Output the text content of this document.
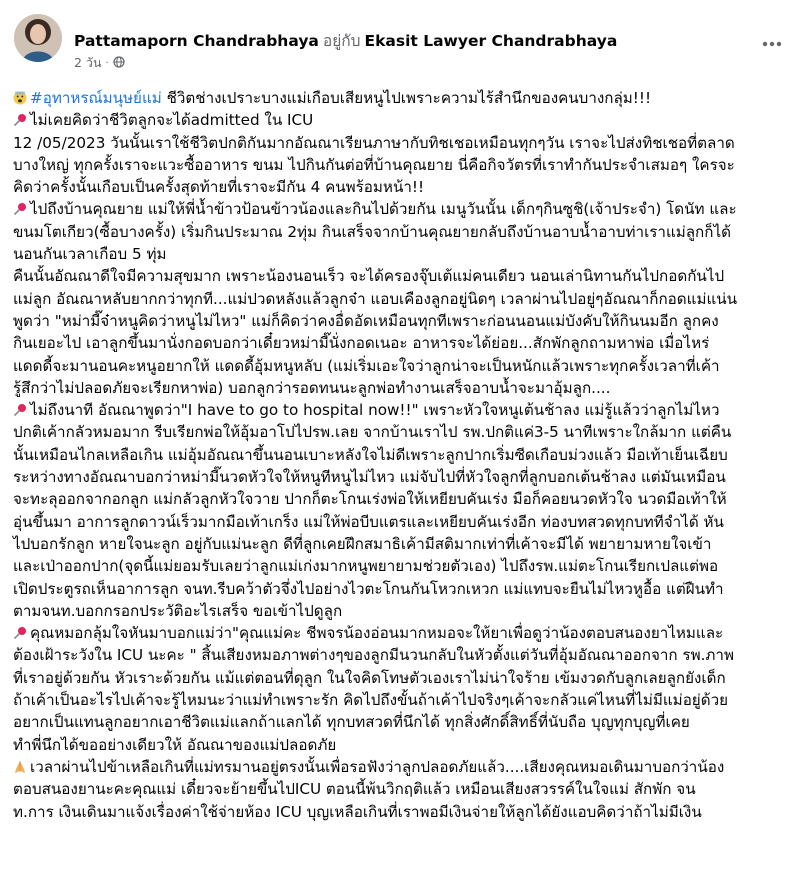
Pattamaporn Chandrabhaya อยู่กับ Ekasit Lawyer Chandrabhaya
2 วัน ·

#อุทาหรณ์มนุษย์แม่ ชีวิตช่างเปราะบางแม่เกือบเสียหนูไปเพราะความไร้สำนึกของคนบางกลุ่ม!!!

ไม่เคยคิดว่าชีวิตลูกจะได้admitted ใน ICU

12 /05/2023 วันนั้นเราใช้ชีวิตปกติกันมากอัณณาเรียนภาษากับทิชเชอเหมือนทุกๆวัน เราจะไปส่งทิชเชอที่ตลาด

บางใหญ่ ทุกครั้งเราจะแวะซื้ออาหาร ขนม ไปกินกันต่อที่บ้านคุณยาย นี่คือกิจวัตรที่เราทำกันประจำเสมอๆ ใครจะ

คิดว่าครั้งนั้นเกือบเป็นครั้งสุดท้ายที่เราจะมีกัน 4 คนพร้อมหน้า!!

ไปถึงบ้านคุณยาย แม่ให้พี่น้ำข้าวป้อนข้าวน้องและกินไปด้วยกัน เมนูวันนั้น เด็กๆกินซูชิ(เจ้าประจำ) โดนัท และ

ขนมโตเกียว(ซื้อบางครั้ง) เริ่มกินประมาณ 2ทุ่ม กินเสร็จจากบ้านคุณยายกลับถึงบ้านอาบน้ำอาบท่าเราแม่ลูกก็ได้

นอนกันเวลาเกือบ 5 ทุ่ม

คืนนั้นอัณณาดีใจมีความสุขมาก เพราะน้องนอนเร็ว จะได้ครองจุ๊บเต้แม่คนเดียว นอนเล่านิทานกันไปกอดกันไป

แม่ลูก อัณณาหลับยากกว่าทุกที...แม่ปวดหลังแล้วลูกจ๋า แอบเคืองลูกอยู่นิดๆ เวลาผ่านไปอยู่ๆอัณณาก็กอดแม่แน่น

พูดว่า "หม่ามี๊จ๋าหนูคิดว่าหนูไม่ไหว" แม่ก็คิดว่าคงอื่ดอัดเหมือนทุกทีเพราะก่อนนอนแม่บังคับให้กินนมอีก ลูกคง

กินเยอะไป เอาลูกขึ้นมานั่งกอดบอกว่าเดี๋ยวหม่ามี๊นั่งกอดเนอะ อาหารจะได้ย่อย...สักพักลูกถามหาพ่อ เมื่อไหร่

แดดดี้จะมานอนคะหนูอยากให้ แดดดี้อุ้มหนูหลับ (แม่เริ่มเอะใจว่าลูกน่าจะเป็นหนักแล้วเพราะทุกครั้งเวลาที่เค้า

รู้สึกว่าไม่ปลอดภัยจะเรียกหาพ่อ) บอกลูกว่ารอดทนนะลูกพ่อทำงานเสร็จอาบน้ำจะมาอุ้มลูก....

ไม่ถึงนาที อัณณาพูดว่า"I have to go to hospital now!!" เพราะหัวใจหนูเต้นช้าลง แม่รู้แล้วว่าลูกไม่ไหว

ปกติเค้ากลัวหมอมาก รีบเรียกพ่อให้อุ้มอาโปไปรพ.เลย จากบ้านเราไป รพ.ปกติแค่3-5 นาทีเพราะใกล้มาก แต่คืน

นั้นเหมือนไกลเหลือเกิน แม่อุ้มอัณณาขึ้นนอนเบาะหลังใจไม่ดีเพราะลูกปากเริ่มซีดเกือบม่วงแล้ว มือเท้าเย็นเฉียบ

ระหว่างทางอัณณาบอกว่าหม่ามี๊นวดหัวใจให้หนูทีหนูไม่ไหว แม่จับไปที่หัวใจลูกที่ลูกบอกเต้นช้าลง แต่มันเหมือน

จะทะลุออกจากอกลูก แม่กลัวลูกหัวใจวาย ปากก็ตะโกนเร่งพ่อให้เหยียบคันเร่ง มือก็คอยนวดหัวใจ นวดมือเท้าให้

อุ่นขึ้นมา อาการลูกดาวน์เร็วมากมือเท้าเกร็ง แม่ให้พ่อบีบแตรและเหยียบคันเร่งอีก ท่องบทสวดทุกบททีจำได้ หัน

ไปบอกรักลูก หายใจนะลูก อยู่กับแม่นะลูก ดีที่ลูกเคยฝึกสมาธิเค้ามีสติมากเท่าที่เค้าจะมีได้ พยายามหายใจเข้า

และเป่าออกปาก(จุดนี้แม่ยอมรับเลยว่าลูกแม่เก่งมากหนูพยายามช่วยตัวเอง) ไปถึงรพ.แม่ตะโกนเรียกเปลแต่พอ

เปิดประตูรถเห็นอาการลูก จนท.รีบคว้าตัวจึ่งไปอย่างไวตะโกนกันโหวกเหวก แม่แทบจะยืนไม่ไหวหูอื้อ แต่ฝืนทำ

ตามจนท.บอกกรอกประวัติอะไรเสร็จ ขอเข้าไปดูลูก

คุณหมอกลุ้มใจหันมาบอกแม่ว่า"คุณแม่คะ ชีพจรน้องอ่อนมากหมอจะให้ยาเพื่อดูว่าน้องตอบสนองยาไหมและ

ต้องเฝ้าระวังใน ICU นะคะ " สิ้นเสียงหมอภาพต่างๆของลูกมีนวนกลับในหัวตั้งแต่วันที่อุ้มอัณณาออกจาก รพ.ภาพ

ที่เราอยู่ด้วยกัน หัวเราะด้วยกัน แม้แต่ตอนที่ดุลูก ในใจคิดโทษตัวเองเราไม่น่าใจร้าย เข้มงวดกับลูกเลยลูกยังเด็ก

ถ้าเค้าเป็นอะไรไปเค้าจะรู้ไหมนะว่าแม่ทำเพราะรัก คิดไปถึงขั้นถ้าเค้าไปจริงๆเค้าจะกลัวแค่ไหนที่ไม่มีแม่อยู่ด้วย

อยากเป็นแทนลูกอยากเอาชีวิตแม่แลกถ้าแลกได้ ทุกบทสวดที่นึกได้ ทุกสิ่งศักดิ์สิทธิ์ที่นับถือ บุญทุกบุญที่เคย

ทำพี่นึกได้ขออย่างเดียวให้ อัณณาของแม่ปลอดภัย

เวลาผ่านไปข้าเหลือเกินที่แม่ทรมานอยู่ตรงนั้นเพื่อรอฟังว่าลูกปลอดภัยแล้ว....เสียงคุณหมอเดินมาบอกว่าน้อง

ตอบสนองยานะคะคุณแม่ เดี๋ยวจะย้ายขึ้นไปICU ตอนนี้พ้นวิกฤติแล้ว เหมือนเสียงสวรรค์ในใจแม่ สักพัก จน

ท.การ เงินเดินมาแจ้งเรื่องค่าใช้จ่ายห้อง ICU บุญเหลือเกินที่เราพอมีเงินจ่ายให้ลูกได้ยังแอบคิดว่าถ้าไม่มีเงิน
